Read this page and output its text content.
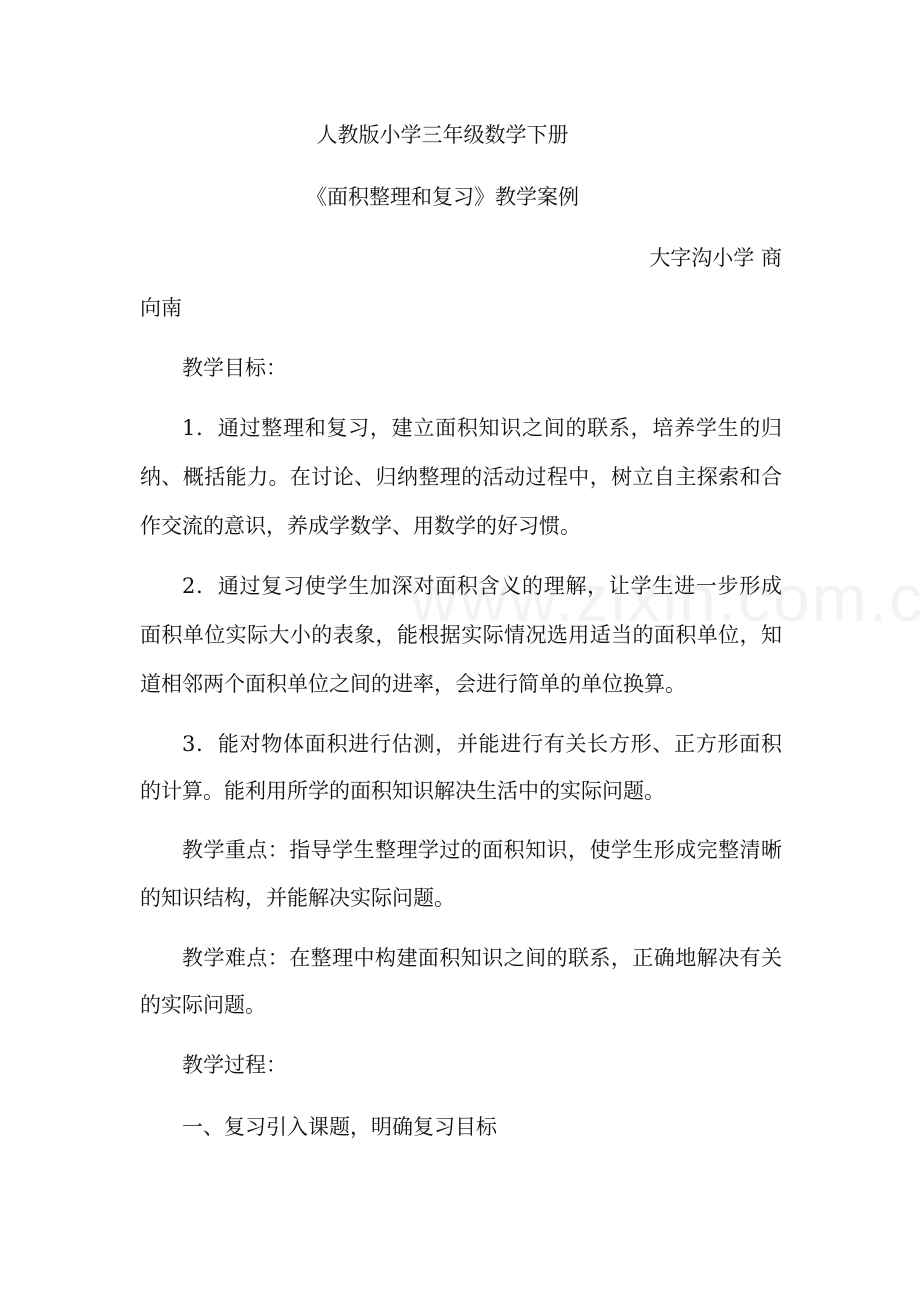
人教版小学三年级数学下册
《面积整理和复习》教学案例
大字沟小学 商
向南
教学目标：
1．通过整理和复习，建立面积知识之间的联系，培养学生的归
纳、概括能力。在讨论、归纳整理的活动过程中，树立自主探索和合
作交流的意识，养成学数学、用数学的好习惯。
2．通过复习使学生加深对面积含义的理解，让学生进一步形成
面积单位实际大小的表象，能根据实际情况选用适当的面积单位，知
道相邻两个面积单位之间的进率，会进行简单的单位换算。
3．能对物体面积进行估测，并能进行有关长方形、正方形面积
的计算。能利用所学的面积知识解决生活中的实际问题。
教学重点：指导学生整理学过的面积知识，使学生形成完整清晰
的知识结构，并能解决实际问题。
教学难点：在整理中构建面积知识之间的联系，正确地解决有关
的实际问题。
教学过程：
一、复习引入课题，明确复习目标
